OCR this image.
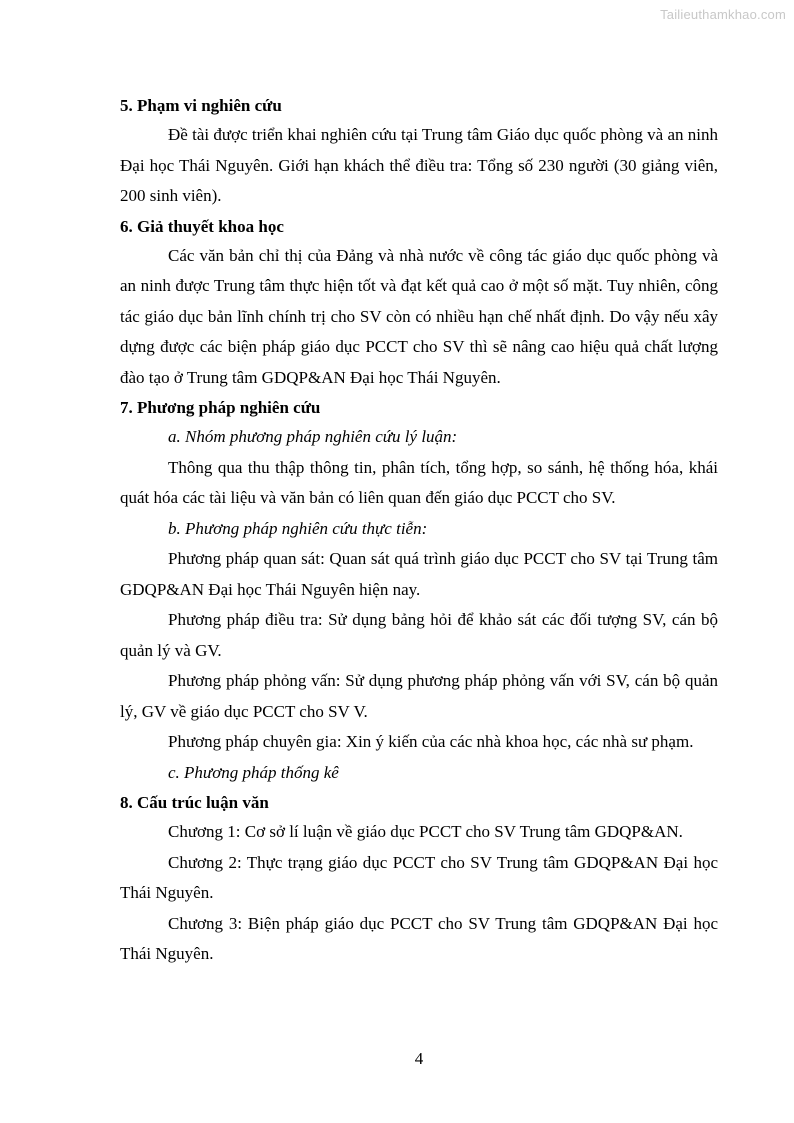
Tailieuthamkhao.com

5. Phạm vi nghiên cứu

Đề tài được triển khai nghiên cứu tại Trung tâm Giáo dục quốc phòng và an ninh Đại học Thái Nguyên. Giới hạn khách thể điều tra: Tổng số 230 người (30 giảng viên, 200 sinh viên).

6. Giả thuyết khoa học

Các văn bản chỉ thị của Đảng và nhà nước về công tác giáo dục quốc phòng và an ninh được Trung tâm thực hiện tốt và đạt kết quả cao ở một số mặt. Tuy nhiên, công tác giáo dục bản lĩnh chính trị cho SV còn có nhiều hạn chế nhất định. Do vậy nếu xây dựng được các biện pháp giáo dục PCCT cho SV thì sẽ nâng cao hiệu quả chất lượng đào tạo ở Trung tâm GDQP&AN Đại học Thái Nguyên.

7. Phương pháp nghiên cứu

a. Nhóm phương pháp nghiên cứu lý luận:

Thông qua thu thập thông tin, phân tích, tổng hợp, so sánh, hệ thống hóa, khái quát hóa các tài liệu và văn bản có liên quan đến giáo dục PCCT cho SV.

b. Phương pháp nghiên cứu thực tiễn:

Phương pháp quan sát: Quan sát quá trình giáo dục PCCT cho SV tại Trung tâm GDQP&AN Đại học Thái Nguyên hiện nay.

Phương pháp điều tra: Sử dụng bảng hỏi để khảo sát các đối tượng SV, cán bộ quản lý và GV.

Phương pháp phỏng vấn: Sử dụng phương pháp phỏng vấn với SV, cán bộ quản lý, GV về giáo dục PCCT cho SV V.

Phương pháp chuyên gia: Xin ý kiến của các nhà khoa học, các nhà sư phạm.

c. Phương pháp thống kê

8. Cấu trúc luận văn

Chương 1: Cơ sở lí luận về giáo dục PCCT cho SV Trung tâm GDQP&AN.

Chương 2: Thực trạng giáo dục PCCT cho SV Trung tâm GDQP&AN Đại học Thái Nguyên.

Chương 3: Biện pháp giáo dục PCCT cho SV Trung tâm GDQP&AN Đại học Thái Nguyên.

4
